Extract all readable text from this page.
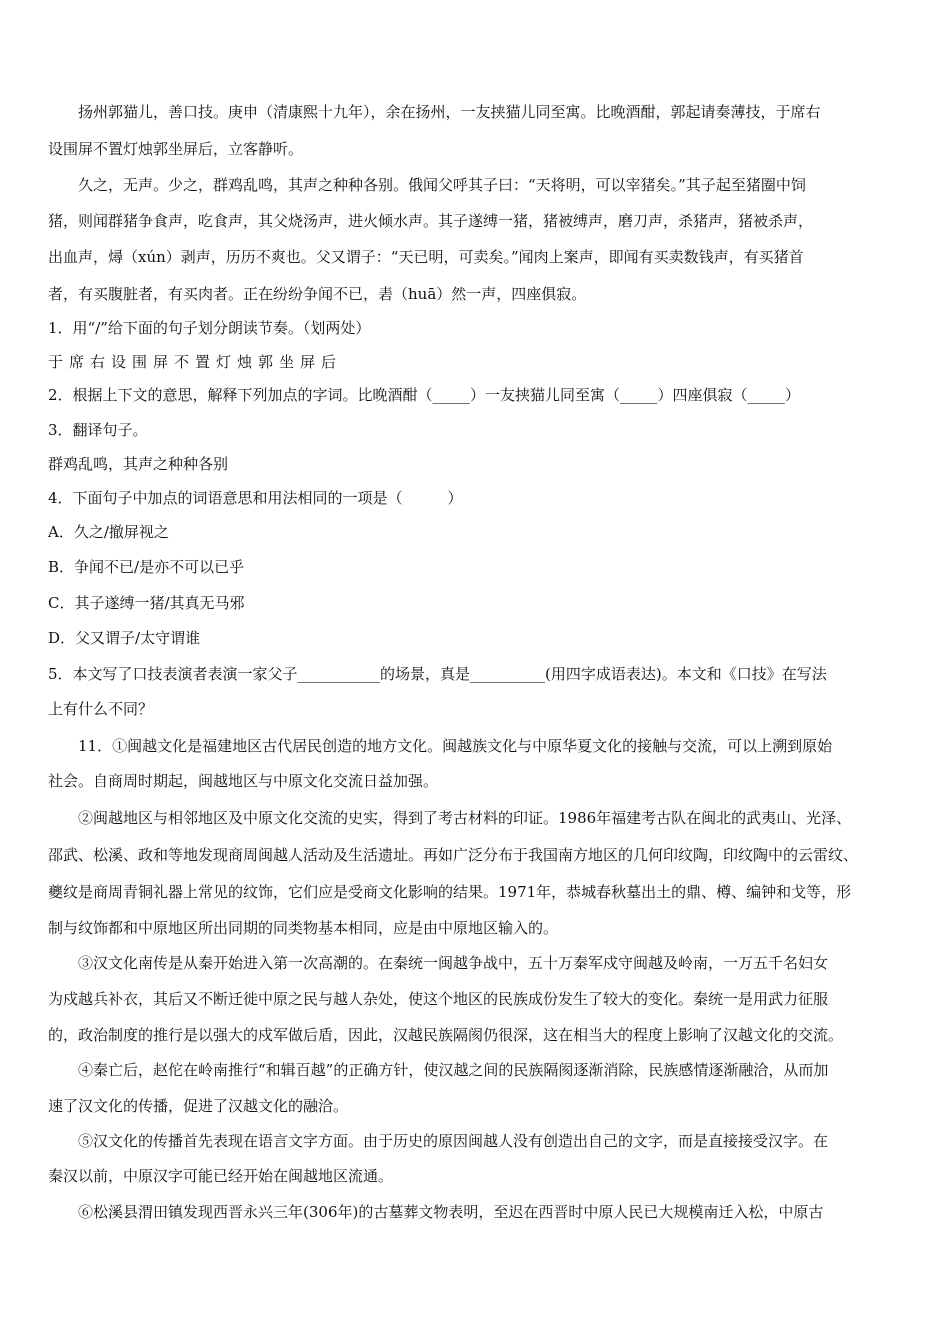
扬州郭猫儿，善口技。庚申（清康熙十九年），余在扬州，一友挟猫儿同至寓。比晚酒酣，郭起请奏薄技，于席右
设围屏不置灯烛郭坐屏后，立客静听。
久之，无声。少之，群鸡乱鸣，其声之种种各别。俄闻父呼其子曰：“天将明，可以宰猪矣。”其子起至猪圈中饲
猪，则闻群猪争食声，吃食声，其父烧汤声，进火倾水声。其子遂缚一猪，猪被缚声，磨刀声，杀猪声，猪被杀声，
出血声，燖（xún）剥声，历历不爽也。父又谓子：“天已明，可卖矣。”闻肉上案声，即闻有买卖数钱声，有买猪首
者，有买腹脏者，有买肉者。正在纷纷争闻不已，砉（huā）然一声，四座俱寂。
1．用“/”给下面的句子划分朗读节奏。（划两处）
于席右设围屏不置灯烛郭坐屏后
2．根据上下文的意思，解释下列加点的字词。比晚酒酣（_____）一友挟猫儿同至寓（_____）四座俱寂（_____）
3．翻译句子。
群鸡乱鸣，其声之种种各别
4．下面句子中加点的词语意思和用法相同的一项是（　　　）
A．久之/撤屏视之
B．争闻不已/是亦不可以已乎
C．其子遂缚一猪/其真无马邪
D．父又谓子/太守谓谁
5．本文写了口技表演者表演一家父子___________的场景，真是__________(用四字成语表达)。本文和《口技》在写法
上有什么不同？
11．①闽越文化是福建地区古代居民创造的地方文化。闽越族文化与中原华夏文化的接触与交流，可以上溯到原始
社会。自商周时期起，闽越地区与中原文化交流日益加强。
②闽越地区与相邻地区及中原文化交流的史实，得到了考古材料的印证。1986年福建考古队在闽北的武夷山、光泽、
邵武、松溪、政和等地发现商周闽越人活动及生活遗址。再如广泛分布于我国南方地区的几何印纹陶，印纹陶中的云雷纹、
夔纹是商周青铜礼器上常见的纹饰，它们应是受商文化影响的结果。1971年，恭城春秋墓出土的鼎、樽、编钟和戈等，形
制与纹饰都和中原地区所出同期的同类物基本相同，应是由中原地区输入的。
③汉文化南传是从秦开始进入第一次高潮的。在秦统一闽越争战中，五十万秦军戍守闽越及岭南，一万五千名妇女
为戍越兵补衣，其后又不断迁徙中原之民与越人杂处，使这个地区的民族成份发生了较大的变化。秦统一是用武力征服
的，政治制度的推行是以强大的戍军做后盾，因此，汉越民族隔阂仍很深，这在相当大的程度上影响了汉越文化的交流。
④秦亡后，赵佗在岭南推行“和辑百越”的正确方针，使汉越之间的民族隔阂逐渐消除，民族感情逐渐融洽，从而加
速了汉文化的传播，促进了汉越文化的融洽。
⑤汉文化的传播首先表现在语言文字方面。由于历史的原因闽越人没有创造出自己的文字，而是直接接受汉字。在
秦汉以前，中原汉字可能已经开始在闽越地区流通。
⑥松溪县渭田镇发现西晋永兴三年(306年)的古墓葬文物表明，至迟在西晋时中原人民已大规模南迁入松，中原古
